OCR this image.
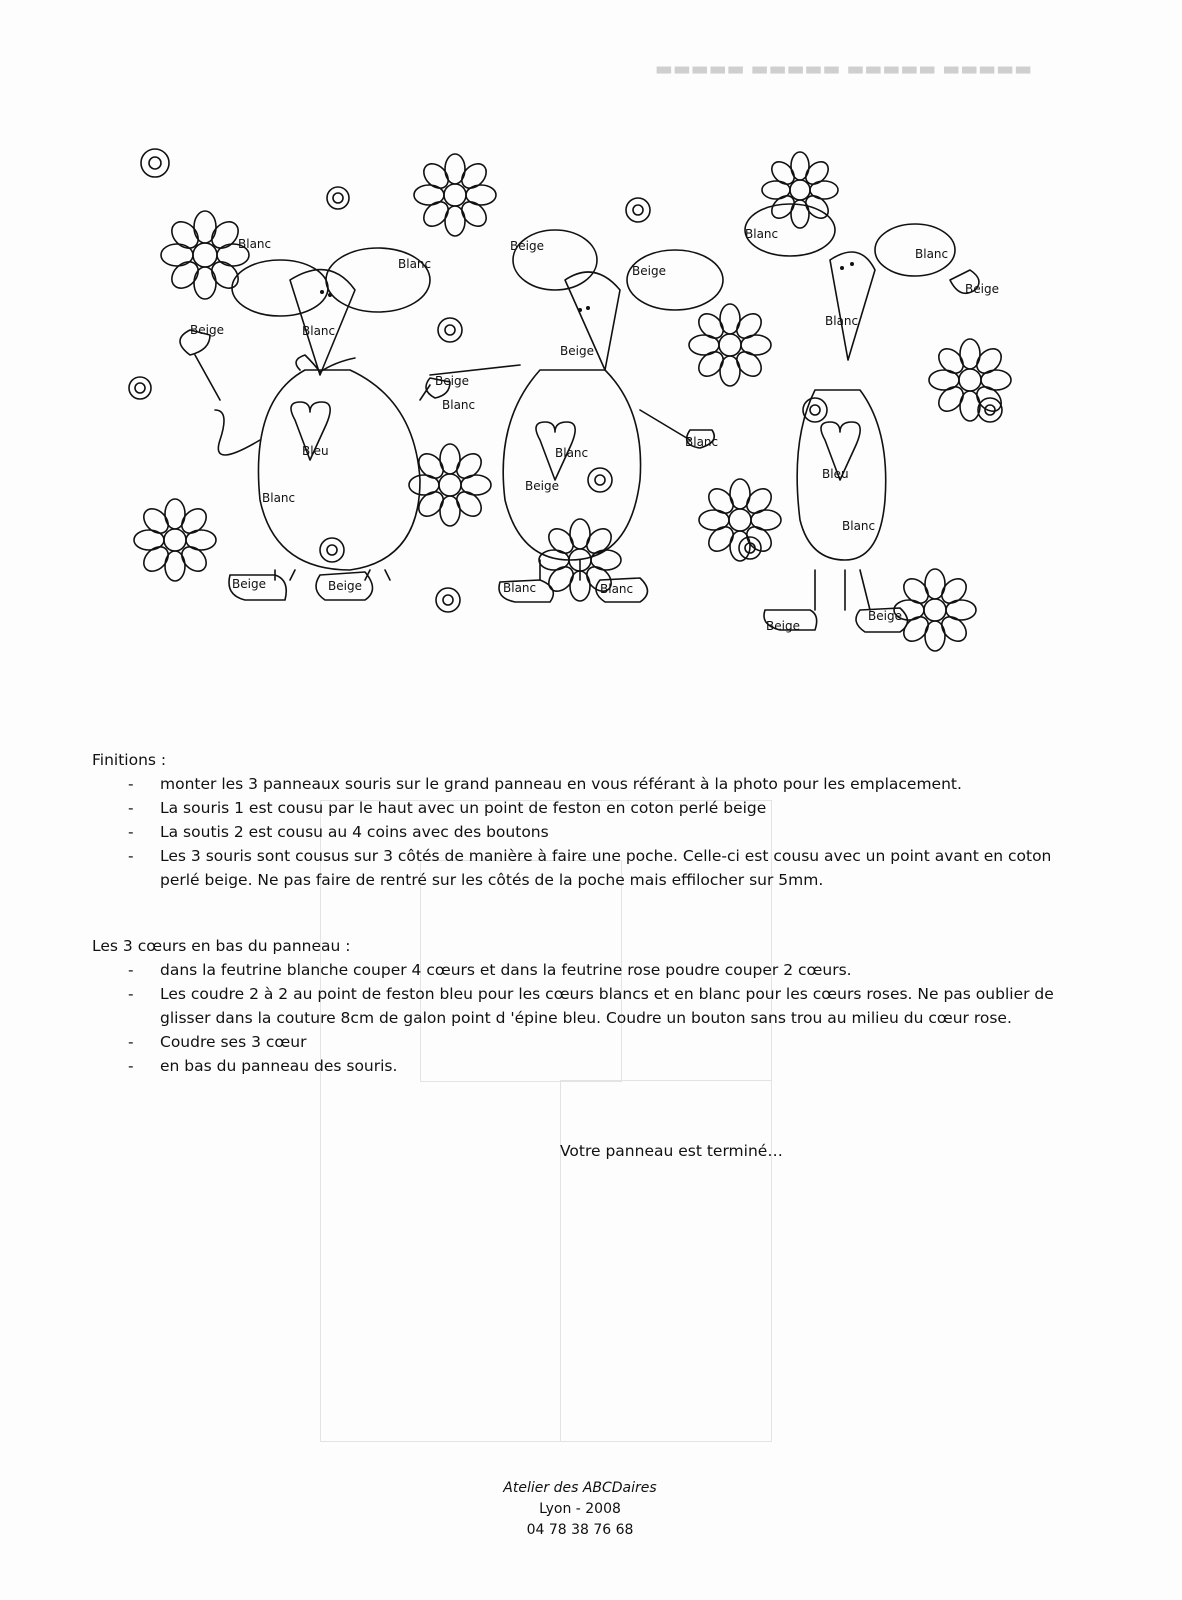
▬▬▬▬▬ ▬▬▬▬▬ ▬▬▬▬▬ ▬▬▬▬▬
Blanc
Blanc
Beige	Blanc
Bleu
Blanc
Beige	Beige
Beige
Blanc
Beige
Beige
Beige
Blanc
Beige
Blanc	Blanc
Blanc
Blanc
Beige
Blanc
Blanc
Bleu
Blanc
Beige
Beige

Finitions :

- monter les 3 panneaux souris sur le grand panneau en vous référant à la photo pour les emplacement.
- La souris 1 est cousu par le haut avec un point de feston en coton perlé beige
- La soutis 2 est cousu au 4 coins avec des boutons
- Les 3 souris sont cousus sur 3 côtés de manière à faire une poche. Celle-ci est cousu avec un point avant en coton perlé beige. Ne pas faire de rentré sur les côtés de la poche mais effilocher sur 5mm.

Les 3 cœurs en bas du panneau :

- dans la feutrine blanche couper 4 cœurs et dans la feutrine rose poudre couper 2 cœurs.
- Les coudre 2 à 2 au point de feston bleu pour les cœurs blancs et en blanc pour les cœurs roses. Ne pas oublier de glisser dans la couture 8cm de galon point d 'épine bleu. Coudre un bouton sans trou au milieu du cœur rose.
- Coudre ses 3 cœur
- en bas du panneau des souris.

Votre panneau est terminé…

Atelier des ABCDaires
Lyon - 2008
04 78 38 76 68
